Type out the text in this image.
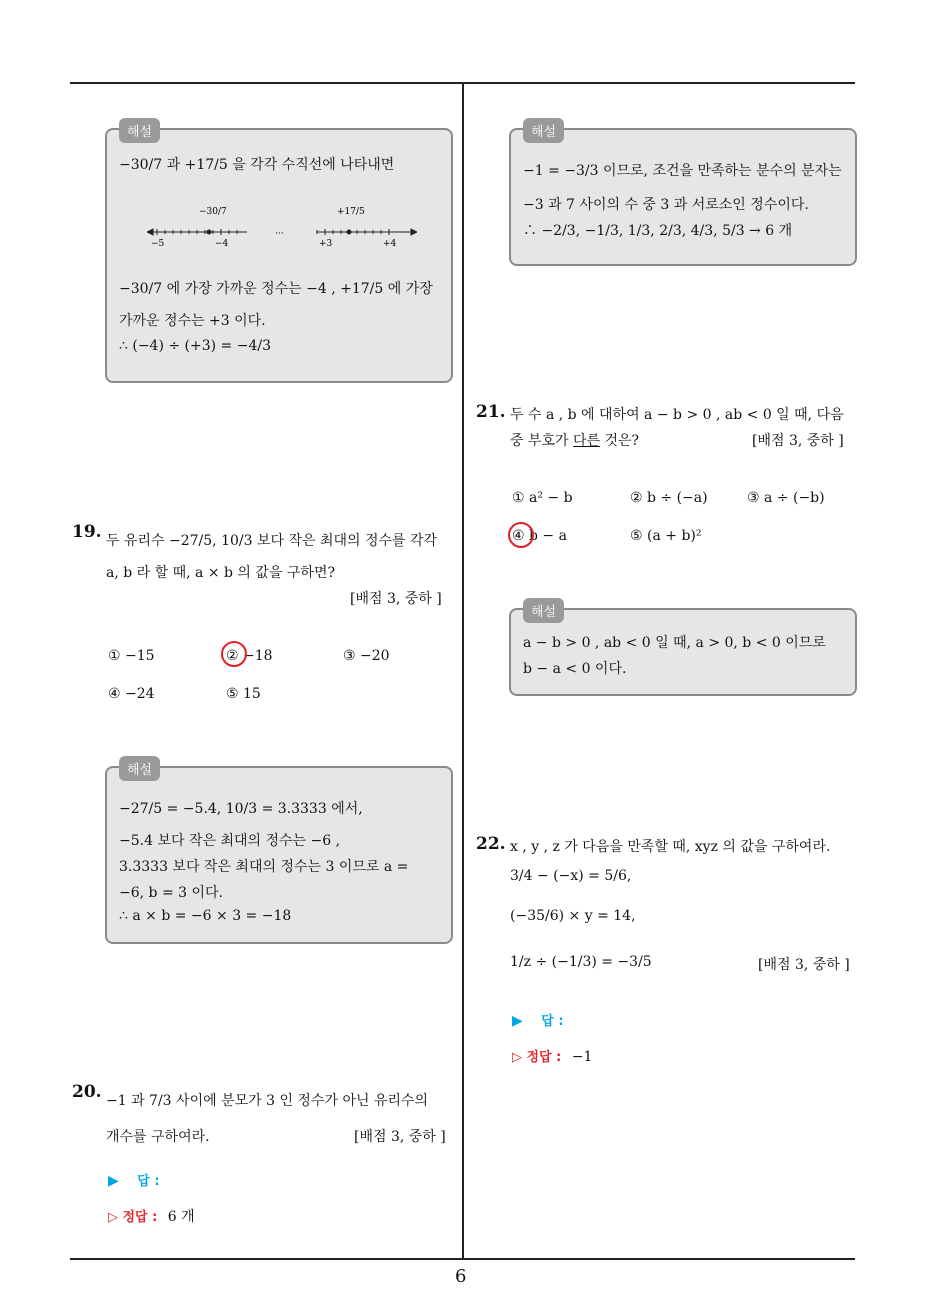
6
해설
−30/7 과 +17/5 을 각각 수직선에 나타내면
−30/7
−5	−4
···
+17/5
+3	+4
−30/7 에 가장 가까운 정수는 −4 , +17/5 에 가장
가까운 정수는 +3 이다.
∴ (−4) ÷ (+3) = −4/3
19. 두 유리수 −27/5, 10/3 보다 작은 최대의 정수를 각각
a, b 라 할 때, a × b 의 값을 구하면?
[배점 3, 중하 ]
① −15	② −18	③ −20
④ −24	⑤ 15
해설
−27/5 = −5.4, 10/3 = 3.3333 에서,
−5.4 보다 작은 최대의 정수는 −6 ,
3.3333 보다 작은 최대의 정수는 3 이므로 a =
−6, b = 3 이다.
∴ a × b = −6 × 3 = −18
20. −1 과 7/3 사이에 분모가 3 인 정수가 아닌 유리수의
개수를 구하여라.	[배점 3, 중하 ]
▶ 답 :
▷ 정답 : 6 개
해설
−1 = −3/3 이므로, 조건을 만족하는 분수의 분자는
−3 과 7 사이의 수 중 3 과 서로소인 정수이다.
∴ −2/3, −1/3, 1/3, 2/3, 4/3, 5/3 → 6 개
21. 두 수 a , b 에 대하여 a − b > 0 , ab < 0 일 때, 다음
중 부호가 다른 것은?	[배점 3, 중하 ]
① a² − b	② b ÷ (−a)	③ a ÷ (−b)
④ b − a	⑤ (a + b)²
해설
a − b > 0 , ab < 0 일 때, a > 0, b < 0 이므로
b − a < 0 이다.
22. x , y , z 가 다음을 만족할 때, xyz 의 값을 구하여라.
3/4 − (−x) = 5/6,
(−35/6) × y = 14,
1/z ÷ (−1/3) = −3/5	[배점 3, 중하 ]
▶ 답 :
▷ 정답 : −1
